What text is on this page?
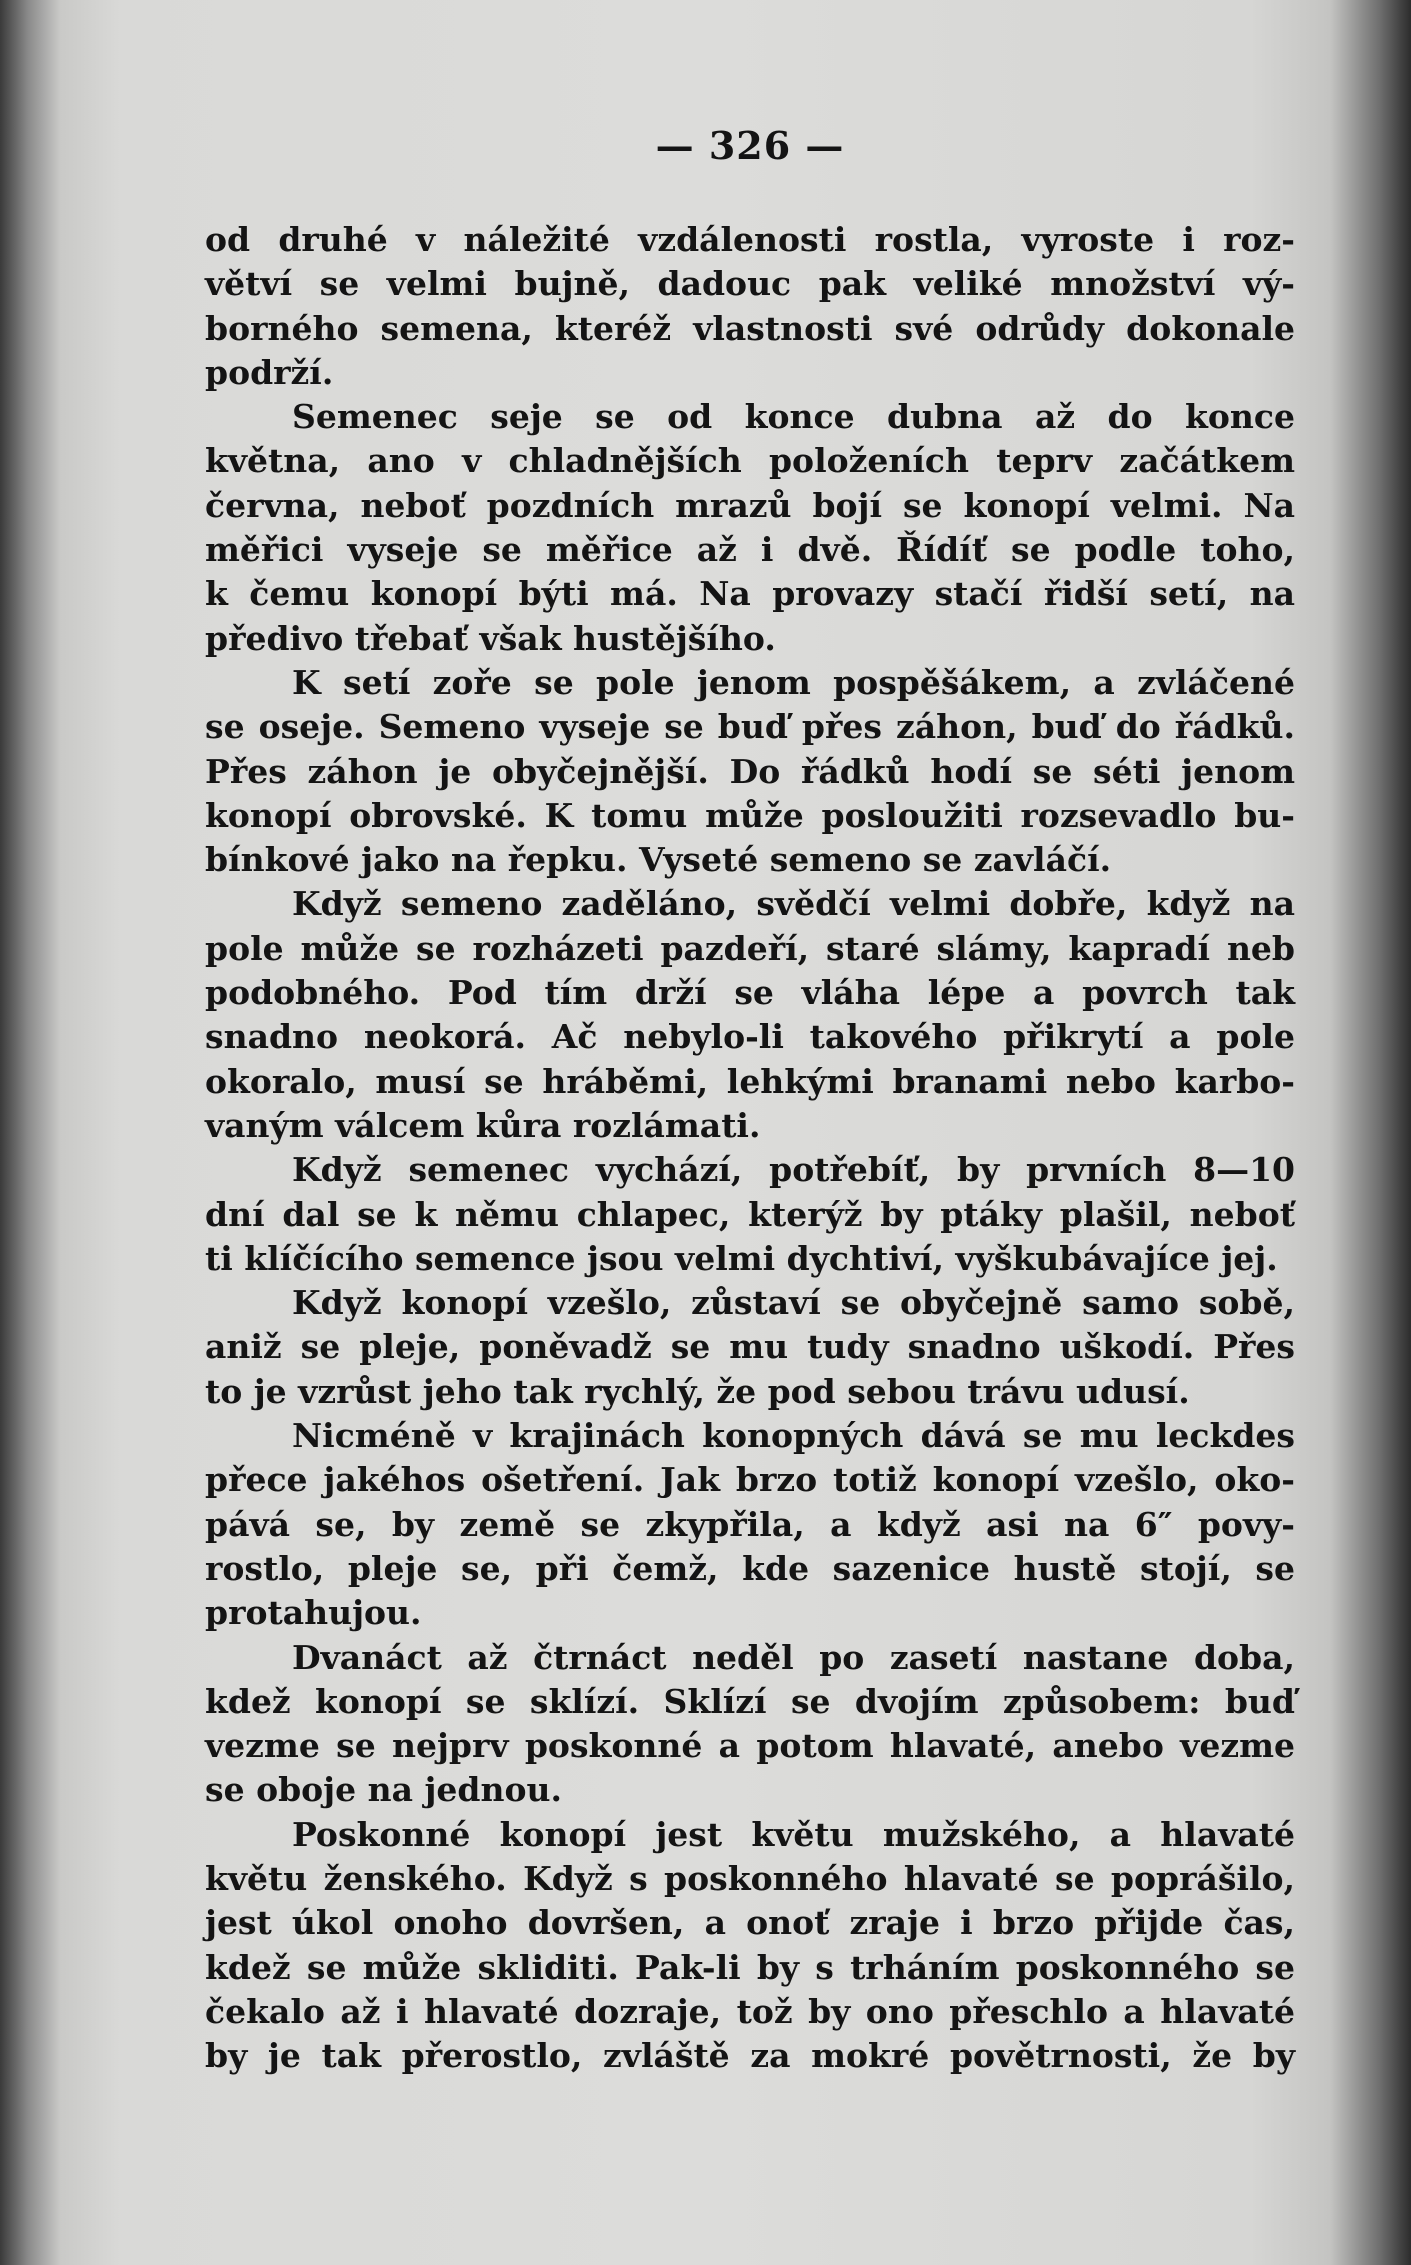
— 326 —
od druhé v náležité vzdálenosti rostla, vyroste i roz-
větví se velmi bujně, dadouc pak veliké množství vý-
borného semena, kteréž vlastnosti své odrůdy dokonale
podrží.
Semenec seje se od konce dubna až do konce
května, ano v chladnějších položeních teprv začátkem
června, neboť pozdních mrazů bojí se konopí velmi. Na
měřici vyseje se měřice až i dvě. Řídíť se podle toho,
k čemu konopí býti má. Na provazy stačí řidší setí, na
předivo třebať však hustějšího.
K setí zoře se pole jenom pospěšákem, a zvláčené
se oseje. Semeno vyseje se buď přes záhon, buď do řádků.
Přes záhon je obyčejnější. Do řádků hodí se séti jenom
konopí obrovské. K tomu může posloužiti rozsevadlo bu-
bínkové jako na řepku. Vyseté semeno se zavláčí.
Když semeno zaděláno, svědčí velmi dobře, když na
pole může se rozházeti pazdeří, staré slámy, kapradí neb
podobného. Pod tím drží se vláha lépe a povrch tak
snadno neokorá. Ač nebylo-li takového přikrytí a pole
okoralo, musí se hráběmi, lehkými branami nebo karbo-
vaným válcem kůra rozlámati.
Když semenec vychází, potřebíť, by prvních 8—10
dní dal se k němu chlapec, kterýž by ptáky plašil, neboť
ti klíčícího semence jsou velmi dychtiví, vyškubávajíce jej.
Když konopí vzešlo, zůstaví se obyčejně samo sobě,
aniž se pleje, poněvadž se mu tudy snadno uškodí. Přes
to je vzrůst jeho tak rychlý, že pod sebou trávu udusí.
Nicméně v krajinách konopných dává se mu leckdes
přece jakéhos ošetření. Jak brzo totiž konopí vzešlo, oko-
pává se, by země se zkypřila, a když asi na 6″ povy-
rostlo, pleje se, při čemž, kde sazenice hustě stojí, se
protahujou.
Dvanáct až čtrnáct neděl po zasetí nastane doba,
kdež konopí se sklízí. Sklízí se dvojím způsobem: buď
vezme se nejprv poskonné a potom hlavaté, anebo vezme
se oboje na jednou.
Poskonné konopí jest květu mužského, a hlavaté
květu ženského. Když s poskonného hlavaté se poprášilo,
jest úkol onoho dovršen, a onoť zraje i brzo přijde čas,
kdež se může skliditi. Pak-li by s trháním poskonného se
čekalo až i hlavaté dozraje, tož by ono přeschlo a hlavaté
by je tak přerostlo, zvláště za mokré povětrnosti, že by
